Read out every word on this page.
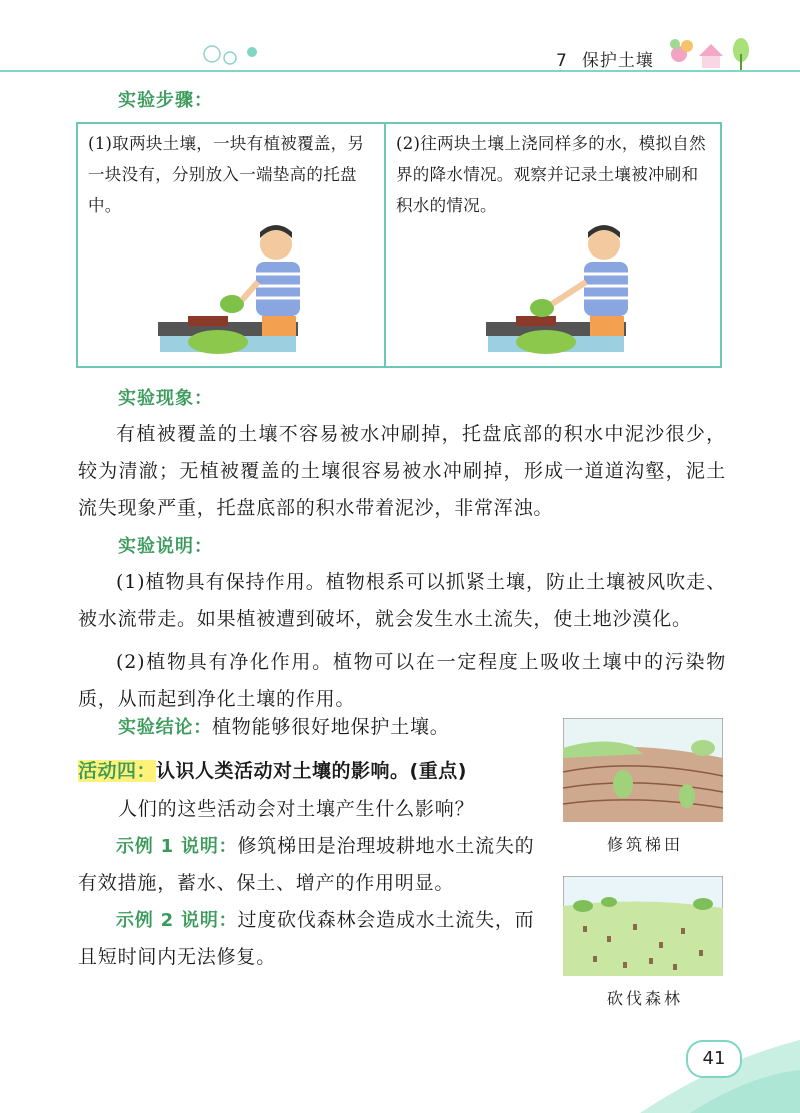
7 保护土壤
实验步骤：
(1)取两块土壤，一块有植被覆盖，另一块没有，分别放入一端垫高的托盘中。
(2)往两块土壤上浇同样多的水，模拟自然界的降水情况。观察并记录土壤被冲刷和积水的情况。
实验现象：

有植被覆盖的土壤不容易被水冲刷掉，托盘底部的积水中泥沙很少，较为清澈；无植被覆盖的土壤很容易被水冲刷掉，形成一道道沟壑，泥土流失现象严重，托盘底部的积水带着泥沙，非常浑浊。

实验说明：

(1)植物具有保持作用。植物根系可以抓紧土壤，防止土壤被风吹走、被水流带走。如果植被遭到破坏，就会发生水土流失，使土地沙漠化。

(2)植物具有净化作用。植物可以在一定程度上吸收土壤中的污染物质，从而起到净化土壤的作用。

实验结论：植物能够很好地保护土壤。
活动四：认识人类活动对土壤的影响。(重点)
人们的这些活动会对土壤产生什么影响？
示例 1 说明：修筑梯田是治理坡耕地水土流失的有效措施，蓄水、保土、增产的作用明显。
示例 2 说明：过度砍伐森林会造成水土流失，而且短时间内无法修复。
修筑梯田
砍伐森林
41
